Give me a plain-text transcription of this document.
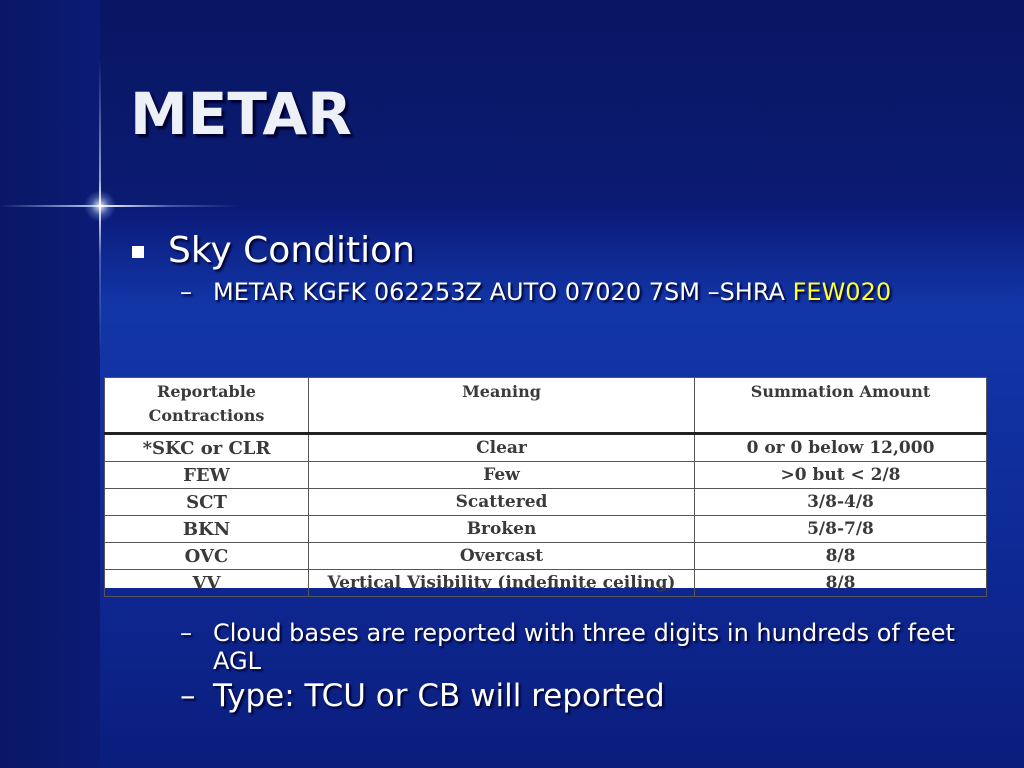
METAR
Sky Condition
– METAR KGFK 062253Z AUTO 07020 7SM –SHRA FEW020
Reportable
Contractions	Meaning	Summation Amount

*SKC or CLR	Clear	0 or 0 below 12,000
FEW	Few	>0 but < 2/8
SCT	Scattered	3/8-4/8
BKN	Broken	5/8-7/8
OVC	Overcast	8/8
VV	Vertical Visibility (indefinite ceiling)	8/8
– Cloud bases are reported with three digits in hundreds of feet AGL
– Type: TCU or CB will reported
